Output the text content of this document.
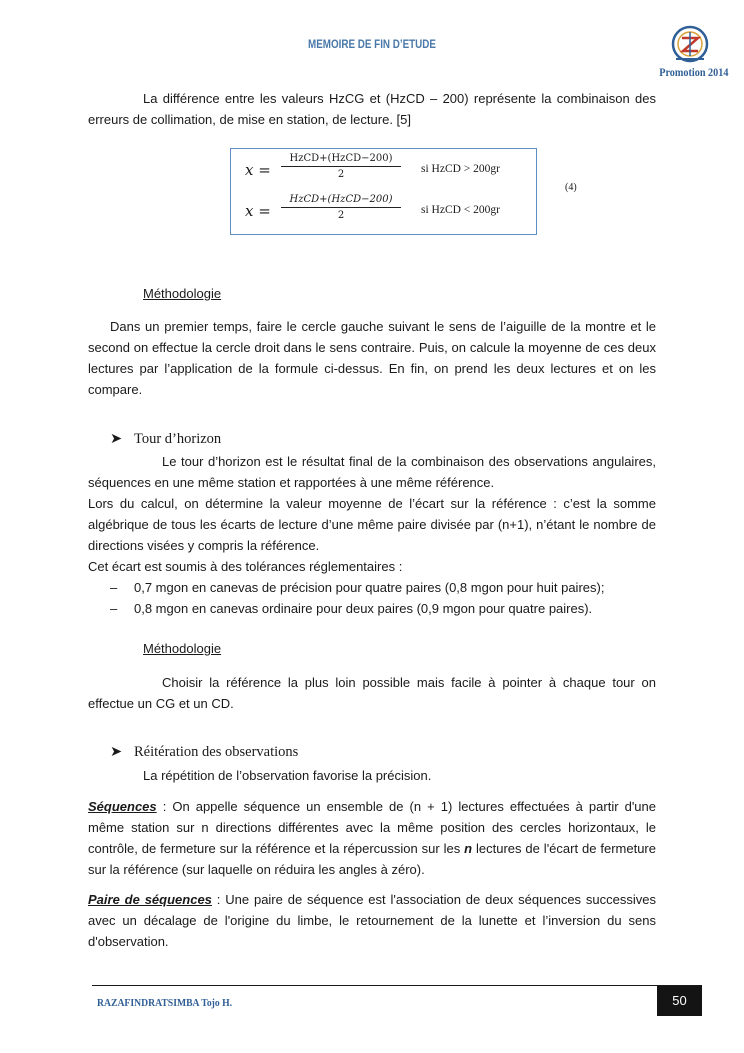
MEMOIRE DE FIN D’ETUDE
Promotion 2014
La différence entre les valeurs HzCG et (HzCD – 200) représente la combinaison des erreurs de collimation, de mise en station, de lecture. [5]
x =
HzCD+(HzCD−200)
2	si HzCD > 200gr
x =
HzCD+(HzCD−200)
2	si HzCD < 200gr
(4)
Méthodologie
Dans un premier temps, faire le cercle gauche suivant le sens de l’aiguille de la montre et le second on effectue la cercle droit dans le sens contraire. Puis, on calcule la moyenne de ces deux lectures par l’application de la formule ci-dessus. En fin, on prend les deux lectures et on les compare.
➤ Tour d’horizon
Le tour d’horizon est le résultat final de la combinaison des observations angulaires, séquences en une même station et rapportées à une même référence.
Lors du calcul, on détermine la valeur moyenne de l’écart sur la référence : c’est la somme algébrique de tous les écarts de lecture d’une même paire divisée par (n+1), n’étant le nombre de directions visées y compris la référence.
Cet écart est soumis à des tolérances réglementaires :
– 0,7 mgon en canevas de précision pour quatre paires (0,8 mgon pour huit paires);
– 0,8 mgon en canevas ordinaire pour deux paires (0,9 mgon pour quatre paires).
Méthodologie
Choisir la référence la plus loin possible mais facile à pointer à chaque tour on effectue un CG et un CD.
➤ Réitération des observations
La répétition de l’observation favorise la précision.
Séquences : On appelle séquence un ensemble de (n + 1) lectures effectuées à partir d'une même station sur n directions différentes avec la même position des cercles horizontaux, le contrôle, de fermeture sur la référence et la répercussion sur les n lectures de l'écart de fermeture sur la référence (sur laquelle on réduira les angles à zéro).
Paire de séquences : Une paire de séquence est l'association de deux séquences successives avec un décalage de l'origine du limbe, le retournement de la lunette et l’inversion du sens d'observation.
RAZAFINDRATSIMBA Tojo H.	50
